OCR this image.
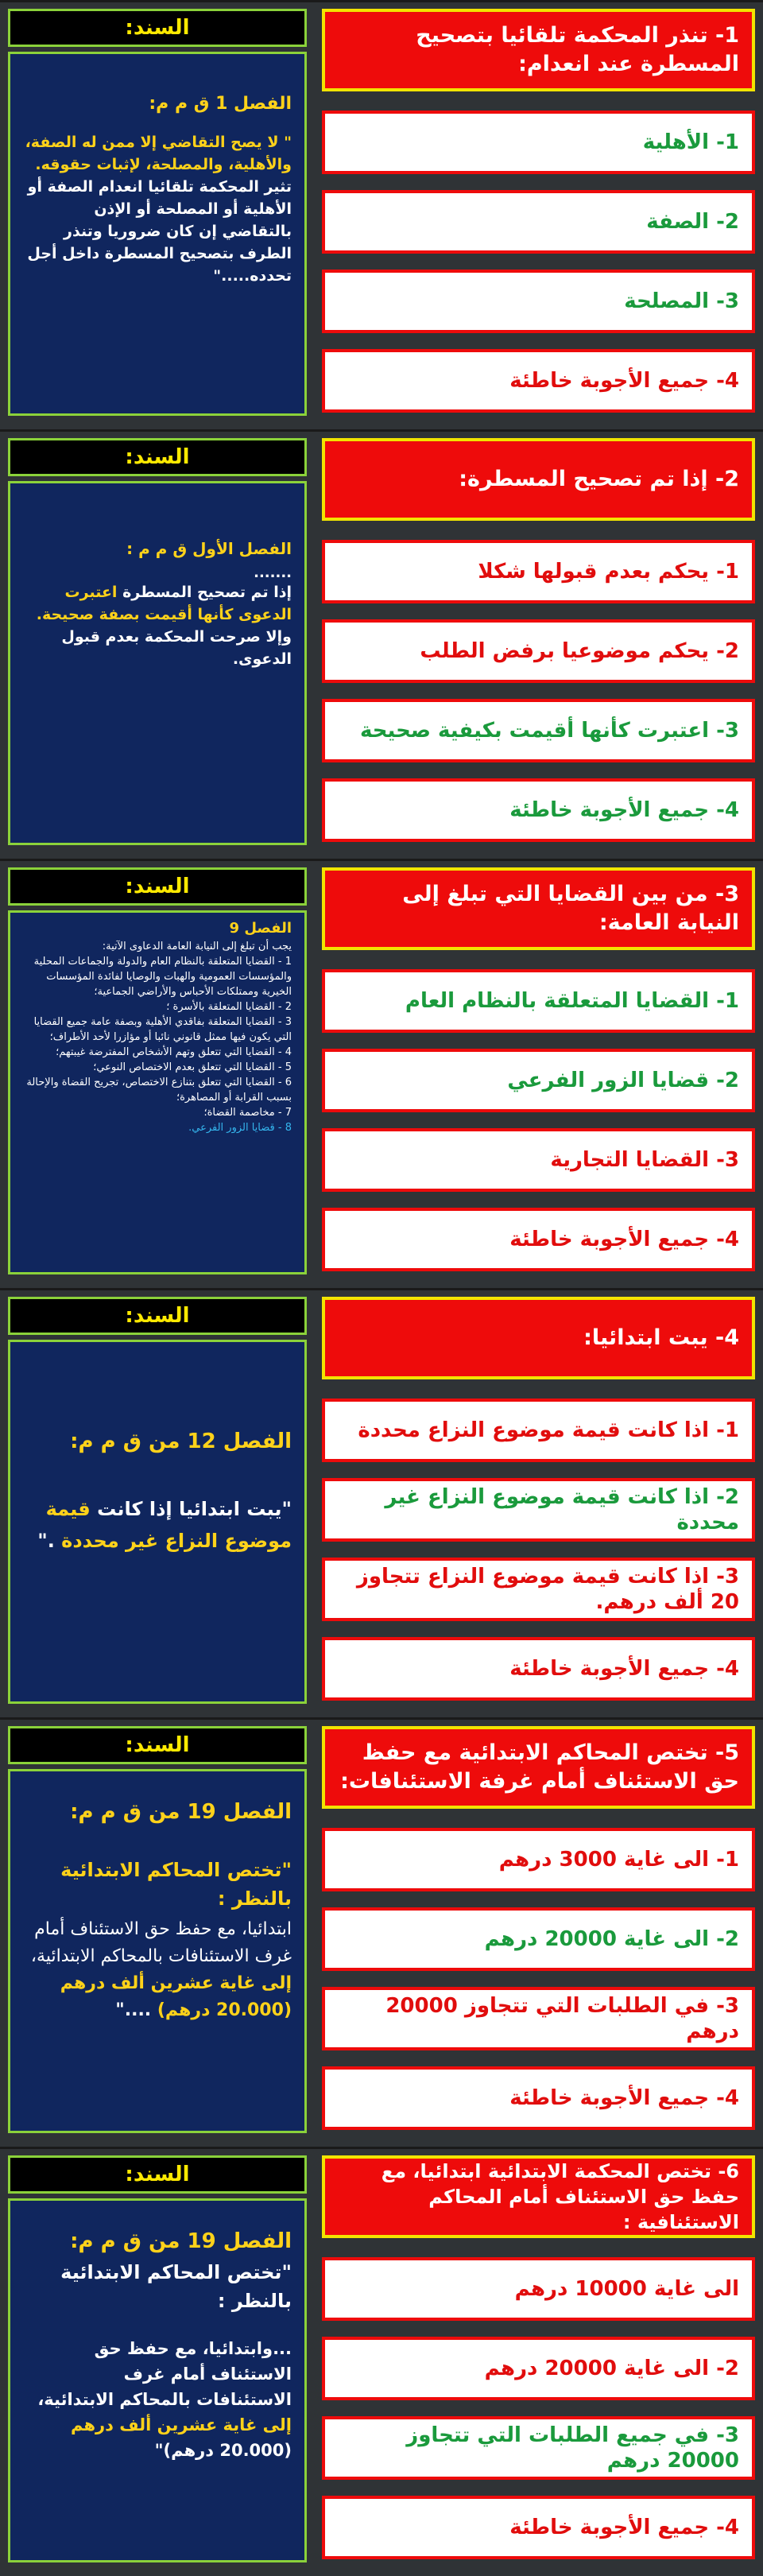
1- تنذر المحكمة تلقائيا بتصحيح المسطرة عند انعدام:
1- الأهلية
2- الصفة
3- المصلحة
4- جميع الأجوبة خاطئة
السند:

الفصل 1 ق م م:

" لا يصح التقاضي إلا ممن له الصفة، والأهلية، والمصلحة، لإثبات حقوقه.

تثير المحكمة تلقائيا انعدام الصفة أو الأهلية أو المصلحة أو الإذن بالتقاضي إن كان ضروريا وتنذر الطرف بتصحيح المسطرة داخل أجل تحدده....."

2- إذا تم تصحيح المسطرة:
1- يحكم بعدم قبولها شكلا
2- يحكم موضوعيا برفض الطلب
3- اعتبرت كأنها أقيمت بكيفية صحيحة
4- جميع الأجوبة خاطئة
السند:

الفصل الأول ق م م :

.......

إذا تم تصحيح المسطرة اعتبرت الدعوى كأنها أقيمت بصفة صحيحة. وإلا صرحت المحكمة بعدم قبول الدعوى.

3- من بين القضايا التي تبلغ إلى النيابة العامة:
1- القضايا المتعلقة بالنظام العام
2- قضايا الزور الفرعي
3- القضايا التجارية
4- جميع الأجوبة خاطئة
السند:

الفصل 9

يجب أن تبلغ إلى النيابة العامة الدعاوى الآتية:

1 - القضايا المتعلقة بالنظام العام والدولة والجماعات المحلية والمؤسسات العمومية والهبات والوصايا لفائدة المؤسسات الخيرية وممتلكات الأحباس والأراضي الجماعية؛

2 - القضايا المتعلقة بالأسرة ؛

3 - القضايا المتعلقة بفاقدي الأهلية وبصفة عامة جميع القضايا التي يكون فيها ممثل قانوني نائبا أو مؤازرا لأحد الأطراف؛

4 - القضايا التي تتعلق وتهم الأشخاص المفترضة غيبتهم؛

5 - القضايا التي تتعلق بعدم الاختصاص النوعي؛

6 - القضايا التي تتعلق بتنازع الاختصاص، تجريح القضاة والإحالة بسبب القرابة أو المصاهرة؛

7 - مخاصمة القضاة؛

8 - قضايا الزور الفرعي.

4- يبت ابتدائيا:
1- اذا كانت قيمة موضوع النزاع محددة
2- اذا كانت قيمة موضوع النزاع غير محددة
3- اذا كانت قيمة موضوع النزاع تتجاوز 20 ألف درهم.
4- جميع الأجوبة خاطئة
السند:

الفصل 12 من ق م م:

"يبت ابتدائيا إذا كانت قيمة موضوع النزاع غير محددة ."

5- تختص المحاكم الابتدائية مع حفظ حق الاستئناف أمام غرفة الاستئنافات:
1- الى غاية 3000 درهم
2- الى غاية 20000 درهم
3- في الطلبات التي تتجاوز 20000 درهم
4- جميع الأجوبة خاطئة
السند:

الفصل 19 من ق م م:

"تختص المحاكم الابتدائية بالنظر :

ابتدائيا، مع حفظ حق الاستئناف أمام غرف الاستئنافات بالمحاكم الابتدائية، إلى غاية عشرين ألف درهم (20.000 درهم) ...."

6- تختص المحكمة الابتدائية ابتدائيا، مع حفظ حق الاستئناف أمام المحاكم الاستئنافية :
الى غاية 10000 درهم
2- الى غاية 20000 درهم
3- في جميع الطلبات التي تتجاوز 20000 درهم
4- جميع الأجوبة خاطئة
السند:

الفصل 19 من ق م م:

"تختص المحاكم الابتدائية بالنظر :

...وابتدائيا، مع حفظ حق الاستئناف أمام غرف الاستئنافات بالمحاكم الابتدائية، إلى غاية عشرين ألف درهم (20.000 درهم)"
